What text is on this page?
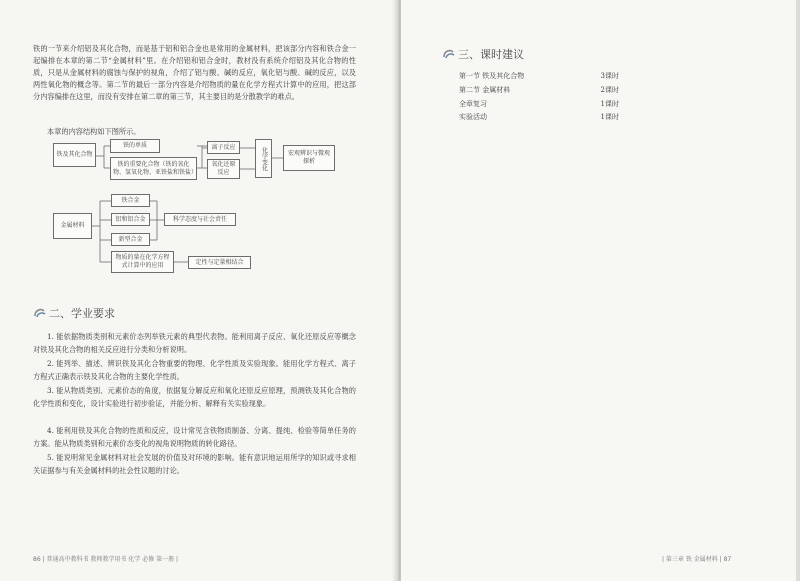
铁的一节来介绍铝及其化合物，而是基于铝和铝合金也是常用的金属材料，把该部分内容和铁合金一起编排在本章的第二节“金属材料”里。在介绍铝和铝合金时，教材没有系统介绍铝及其化合物的性质，只是从金属材料的腐蚀与保护的视角，介绍了铝与酸、碱的反应，氧化铝与酸、碱的反应，以及两性氧化物的概念等。第二节的最后一部分内容是介绍物质的量在化学方程式计算中的应用，把这部分内容编排在这里，而没有安排在第二章的第三节，其主要目的是分散教学的难点。

本章的内容结构如下图所示。

铁及其化合物
铁的单质
铁的重要化合物（铁的氧化物、氢氧化物、亚铁盐和铁盐）
离子反应
氧化还原反应
化学变化	宏观辨识与微观探析
金属材料
铁合金
铝和铝合金
新型合金
科学态度与社会责任
物质的量在化学方程式计算中的应用	定性与定量相结合
二、学业要求

1. 能依据物质类别和元素价态列举铁元素的典型代表物。能利用离子反应、氧化还原反应等概念对铁及其化合物的相关反应进行分类和分析说明。

2. 能列举、描述、辨识铁及其化合物重要的物理、化学性质及实验现象。能用化学方程式、离子方程式正确表示铁及其化合物的主要化学性质。

3. 能从物质类别、元素价态的角度，依据复分解反应和氧化还原反应原理，预测铁及其化合物的化学性质和变化，设计实验进行初步验证，并能分析、解释有关实验现象。

4. 能利用铁及其化合物的性质和反应，设计常见含铁物质制备、分离、提纯、检验等简单任务的方案。能从物质类别和元素价态变化的视角说明物质的转化路径。

5. 能说明常见金属材料对社会发展的价值及对环境的影响。能有意识地运用所学的知识或寻求相关证据参与有关金属材料的社会性议题的讨论。

86 | 普通高中教科书 教师教学用书 化学 必修 第一册 |
三、课时建议
第一节 铁及其化合物	3课时
第二节 金属材料	2课时
全章复习	1课时
实验活动	1课时
| 第三章 铁 金属材料 | 87
